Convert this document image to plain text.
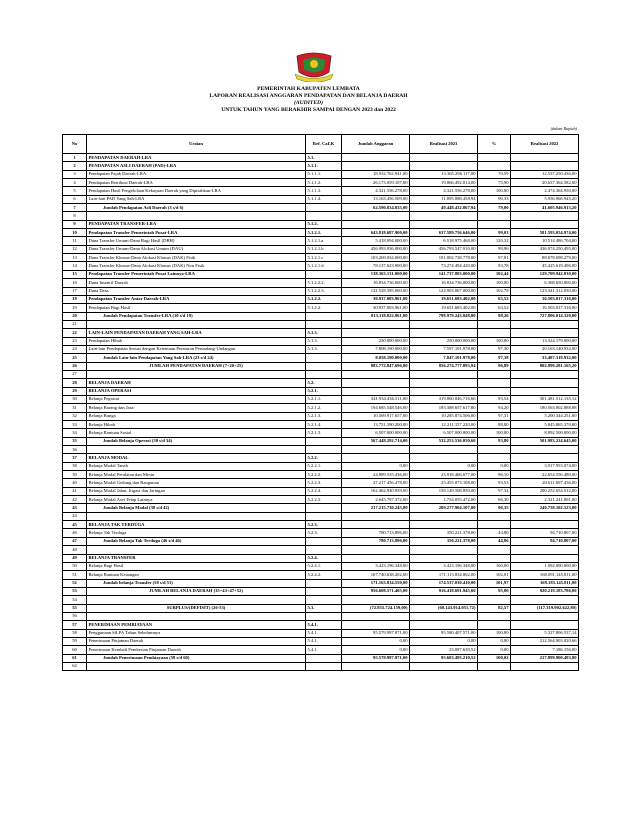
PEMERINTAH KABUPATEN LEMBATA
LAPORAN REALISASI ANGGARAN PENDAPATAN DAN BELANJA DAERAH
(AUDITED)
UNTUK TAHUN YANG BERAKHIR SAMPAI DENGAN 2023 dan 2022
(dalam Rupiah)
No	Uraian	Ref. CaLK	Jumlah Anggaran	Realisasi 2023	%	Realisasi 2022
1	PENDAPATAN DAERAH-LRA	5.1.				
2	PENDAPATAN ASLI DAERAH (PAD)-LRA	5.1.1.				
3	Pendapatan Pajak Daerah-LRA	5.1.1.1.	18.932.762.941,00	13.365.296.117,00	70,59	12.537.250.436,00
4	Pendapatan Retribusi Daerah-LRA	5.1.1.2.	26.173.059.107,00	19.866.492.014,00	75,90	20.637.364.582,00
5	Pendapatan Hasil Pengelolaan Kekayaan Daerah yang Dipisahkan-LRA	5.1.1.3.	4.321.556.278,00	4.321.556.278,00	100,00	2.474.364.950,00
6	Lain-lain PAD Yang Sah-LRA	5.1.1.4.	13.163.456.509,00	11.895.088.458,94	90,33	5.956.966.945,20
7	Jumlah Pendapatan Asli Daerah (3 s/d 6)		62.590.834.835,00	49.448.432.867,94	79,00	41.605.946.913,20
8						
9	PENDAPATAN TRANSFER-LRA	5.1.2.				
10	Pendapatan Transfer Pemerintah Pusat-LRA	5.1.2.1.	643.818.687.900,00	637.589.756.646,00	99,03	581.593.054.974,00
11	Dana Transfer Umum-Dana Bagi Hasil (DBH)	5.1.2.1.a	5.418.094.000,00	6.518.975.468,00	120,32	10.514.486.704,00
12	Dana Transfer Umum-Dana Alokasi Umum (DAU)	5.1.2.1.b	456.993.936.000,00	456.793.547.910,00	99,96	436.974.250.495,00
13	Dana Transfer Khusus-Dana Alokasi Khusus (DAK) Fisik	5.1.2.1.c	103.269.034.000,00	101.002.738.778,00	97,81	88.678.698.279,00
14	Dana Transfer Khusus-Dana Alokasi Khusus (DAK) Non Fisik	5.1.2.1.d	78.137.623.900,00	73.274.494.420,00	93,78	45.425.619.496,00
15	Pendapatan Transfer Pemerintah Pusat Lainnya-LRA		138.363.131.000,00	141.737.803.000,00	102,44	129.709.942.030,00
16	Dana Insentif Daerah	5.1.2.2.2.	16.834.736.000,00	16.834.736.000,00	100,00	6.368.650.000,00
17	Dana Desa	5.1.2.2.3.	121.528.395.000,00	124.903.067.000,00	102,78	123.341.312.030,00
18	Pendapatan Transfer Antar Daerah-LRA	5.1.2.2.	30.937.003.961,00	19.651.683.402,00	63,52	16.503.017.316,00
19	Pendapatan Bagi Hasil	5.1.2.2.	30.937.003.961,00	19.651.683.402,00	63,52	16.503.017.316,00
20	Jumlah Pendapatan Transfer-LRA (10 s/d 19)		813.118.822.861,00	798.979.243.048,00	98,26	727.806.014.320,00
21						
22	LAIN-LAIN PENDAPATAN DAERAH YANG SAH-LRA	5.1.3.				
23	Pendapatan Hibah	5.1.3.	250.000.000,00	250.000.000,00	100,00	13.324.179.000,00
24	Lain-lain Pendapatan Sesuai dengan Ketentuan Peraturan Perundang-Undangan	5.1.3.	7.808.190.000,00	7.597.101.978,00	97,30	20.163.140.932,00
25	Jumlah Lain-lain Pendapatan Yang Sah-LRA (23 s/d 24)		8.058.190.000,00	7.847.101.978,00	97,38	33.487.319.932,00
26	JUMLAH PENDAPATAN DAERAH (7+20+25)		883.772.847.696,00	856.274.777.893,94	96,89	802.899.281.165,20
27						
28	BELANJA DAERAH	5.2.				
29	BELANJA OPERASI	5.2.1.				
30	Belanja Pegawai	5.2.1.1.	341.934.436.511,00	319.860.846.716,66	93,54	301.481.512.135,12
31	Belanja Barang dan Jasa	5.2.1.2.	194.685.548.546,00	183.388.657.617,80	94,20	180.563.002.888,88
32	Belanja Bunga	5.2.1.3.	10.569.917.657,00	10.285.874.506,00	97,31	5.200.344.251,00
33	Belanja Hibah	5.2.1.4.	13.751.390.200,00	12.211.157.220,00	88,80	5.845.865.370,00
34	Belanja Bantuan Sosial	5.2.1.5.	6.507.000.000,00	6.507.000.000,00	100,00	8.892.500.000,00
35	Jumlah Belanja Operasi (30 s/d 34)		567.448.292.714,00	532.253.536.050,66	93,80	501.983.224.645,00
36						
37	BELANJA MODAL	5.2.2.				
38	Belanja Modal Tanah	5.2.2.1.	0,00	0,00	0,00	3.917.953.074,00
39	Belanja Modal Peralatan dan Mesin	5.2.2.2.	24.889.535.436,00	23.918.466.677,00	96,10	22.654.556.480,00
40	Belanja Modal Gedung dan Bangunan	5.2.2.3.	27.217.456.478,00	25.455.873.108,00	93,53	20.611.697.456,00
41	Belanja Modal Jalan, Irigasi dan Jaringan	5.2.2.4.	162.462.940.959,00	158.149.508.850,00	97,34	200.252.654.512,00
42	Belanja Modal Aset Tetap Lainnya	5.2.2.5.	2.645.797.372,00	1.754.055.472,00	66,30	2.321.241.001,00
43	Jumlah Belanja Modal (38 s/d 42)		217.215.730.245,00	209.277.904.107,00	96,35	249.758.102.523,00
44						
45	BELANJA TAK TERDUGA	5.2.3.				
46	Belanja Tak Terduga	5.2.3.	780.713.896,00	350.221.378,00	44,86	94.710.807,00
47	Jumlah Belanja Tak Terduga (46 s/d 46)		780.713.896,00	350.221.378,00	44,86	94.710.807,00
48						
49	BELANJA TRANSFER	5.2.4.				
50	Belanja Bagi Hasil	5.2.4.1.	3.423.196.348,00	3.423.196.348,00	100,00	1.092.000.000,00
51	Belanja Bantuan Keuangan	5.2.4.2.	167.740.638.202,00	171.113.834.062,00	102,01	168.091.145.811,00
52	Jumlah belanja Transfer (50 s/d 51)		171.163.834.550,00	174.537.030.410,00	101,97	169.183.145.811,00
53	JUMLAH BELANJA DAERAH (35+43+47+52)		956.608.571.405,00	916.418.691.945,66	95,80	920.219.183.786,00
54						
55	SURPLUS/(DEFISIT) (26-53)	5.3.	(72.835.724.159,00)	(60.143.914.051,72)	82,57	(117.319.902.622,80)
56						
57	PENERIMAAN PEMBIAYAAN	5.4.1.				
58	Penggunaan SiLPA Tahun Sebelumnya	5.4.1.	95.579.997.871,00	95.580.407.571,00	100,00	5.327.806.537,14
59	Penerimaan Pinjaman Daerah	5.4.1.	0,00	0,00	0,00	212.564.903.020,66
60	Penerimaan Kembali Pemberian Pinjaman Daerah	5.4.1.	0,00	23.087.639,52	0,00	7.186.156,00
61	Jumlah Penerimaan Pembiayaan (58 s/d 60)		95.579.997.871,00	95.603.495.210,52	100,02	217.899.900.493,80
62						
